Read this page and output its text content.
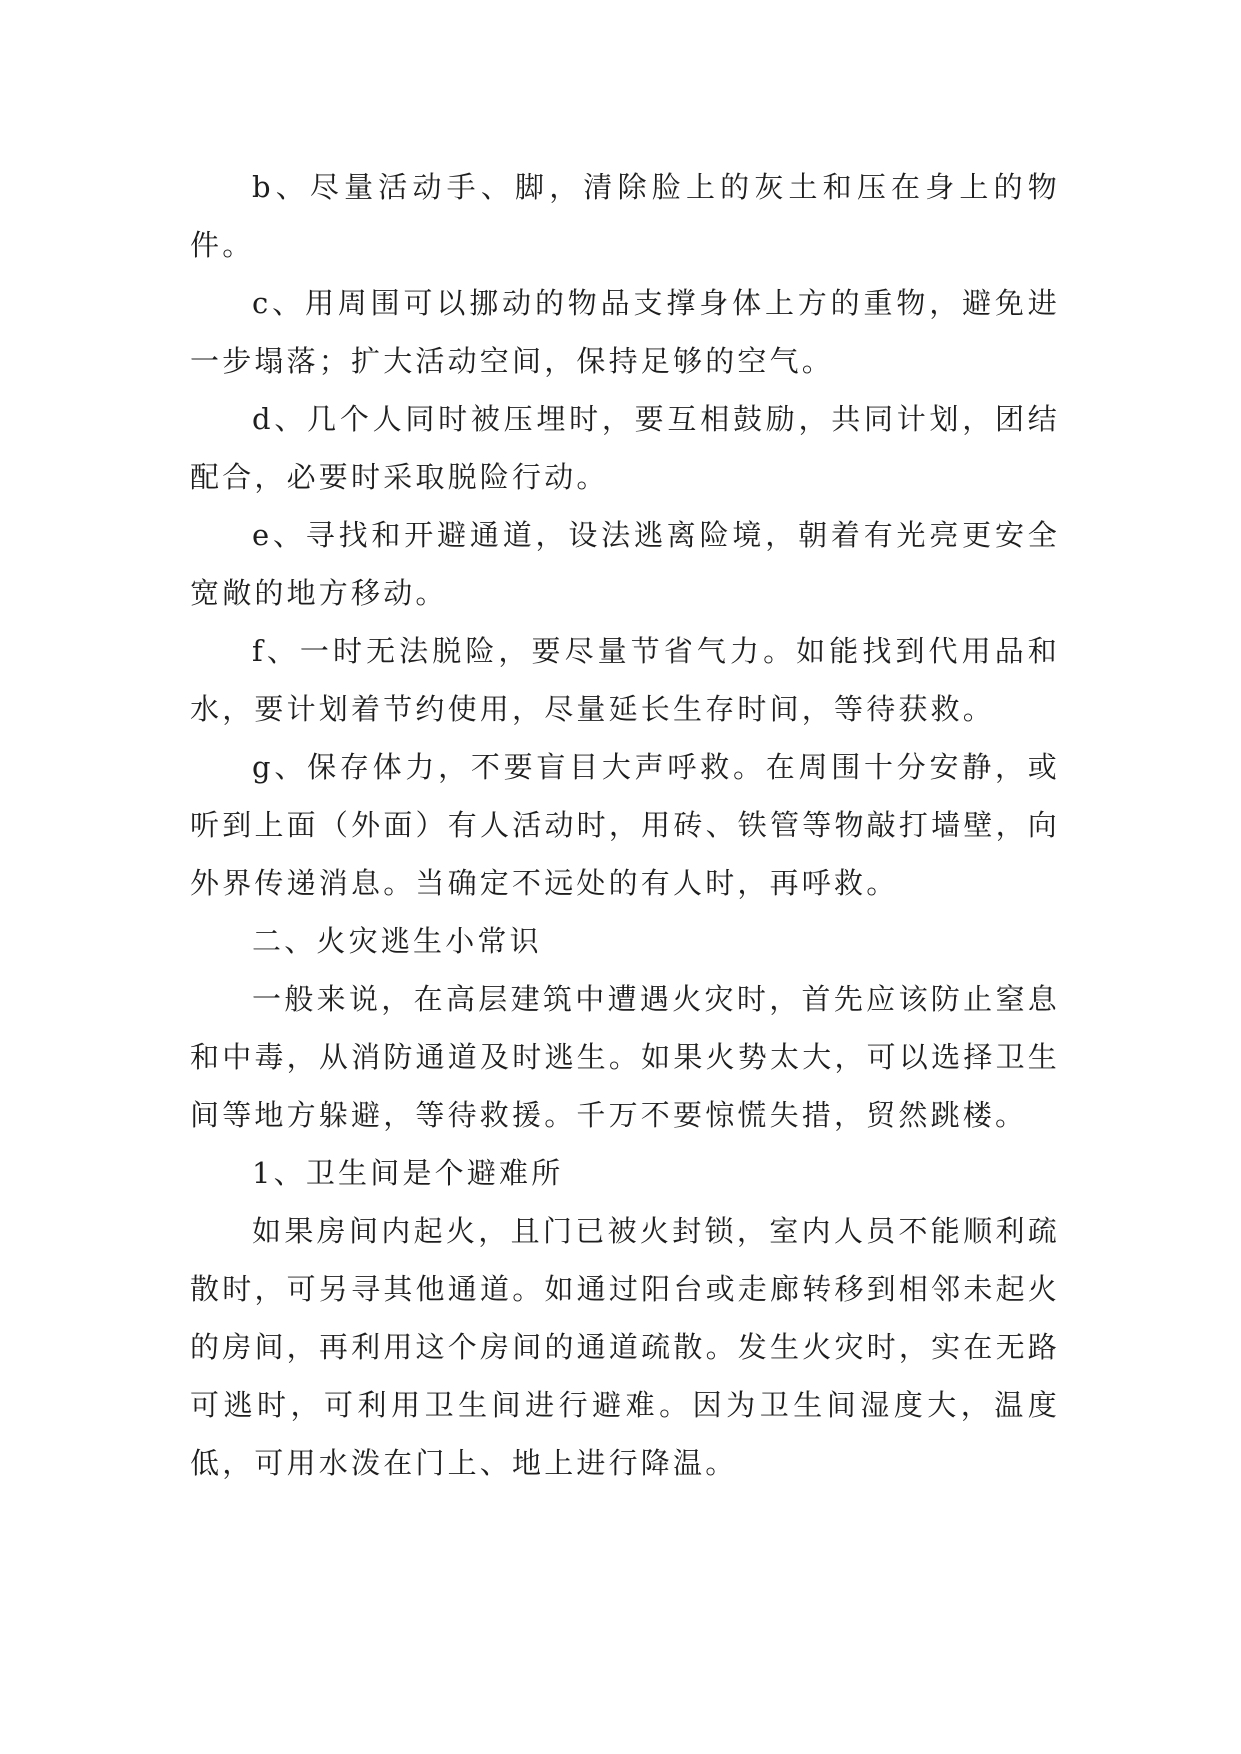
b、尽量活动手、脚，清除脸上的灰土和压在身上的物件。

c、用周围可以挪动的物品支撑身体上方的重物，避免进一步塌落；扩大活动空间，保持足够的空气。

d、几个人同时被压埋时，要互相鼓励，共同计划，团结配合，必要时采取脱险行动。

e、寻找和开避通道，设法逃离险境，朝着有光亮更安全宽敞的地方移动。

f、一时无法脱险，要尽量节省气力。如能找到代用品和水，要计划着节约使用，尽量延长生存时间，等待获救。

g、保存体力，不要盲目大声呼救。在周围十分安静，或听到上面（外面）有人活动时，用砖、铁管等物敲打墙壁，向外界传递消息。当确定不远处的有人时，再呼救。

二、火灾逃生小常识

一般来说，在高层建筑中遭遇火灾时，首先应该防止窒息和中毒，从消防通道及时逃生。如果火势太大，可以选择卫生间等地方躲避，等待救援。千万不要惊慌失措，贸然跳楼。

1、卫生间是个避难所

如果房间内起火，且门已被火封锁，室内人员不能顺利疏散时，可另寻其他通道。如通过阳台或走廊转移到相邻未起火的房间，再利用这个房间的通道疏散。发生火灾时，实在无路可逃时，可利用卫生间进行避难。因为卫生间湿度大，温度低，可用水泼在门上、地上进行降温。
